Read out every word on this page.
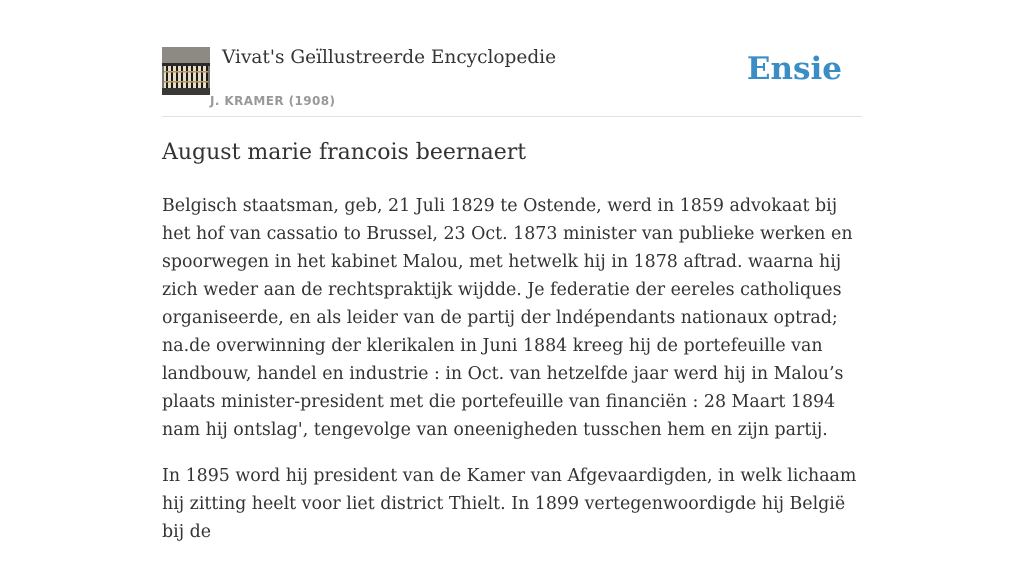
Vivat's Geïllustreerde Encyclopedie
J. KRAMER (1908)
Ensie
August marie francois beernaert

Belgisch staatsman, geb, 21 Juli 1829 te Ostende, werd in 1859 advokaat bij het hof van cassatio to Brussel, 23 Oct. 1873 minister van publieke werken en spoorwegen in het kabinet Malou, met hetwelk hij in 1878 aftrad. waarna hij zich weder aan de rechtspraktijk wijdde. Je federatie der eereles catholiques organiseerde, en als leider van de partij der lndépendants nationaux optrad; na.de overwinning der klerikalen in Juni 1884 kreeg hij de portefeuille van landbouw, handel en industrie : in Oct. van hetzelfde jaar werd hij in Malou’s plaats minister-president met die portefeuille van financiën : 28 Maart 1894 nam hij ontslag', tengevolge van oneenigheden tusschen hem en zijn partij.

In 1895 word hij president van de Kamer van Afgevaardigden, in welk lichaam hij zitting heelt voor liet district Thielt. In 1899 vertegenwoordigde hij België bij de
